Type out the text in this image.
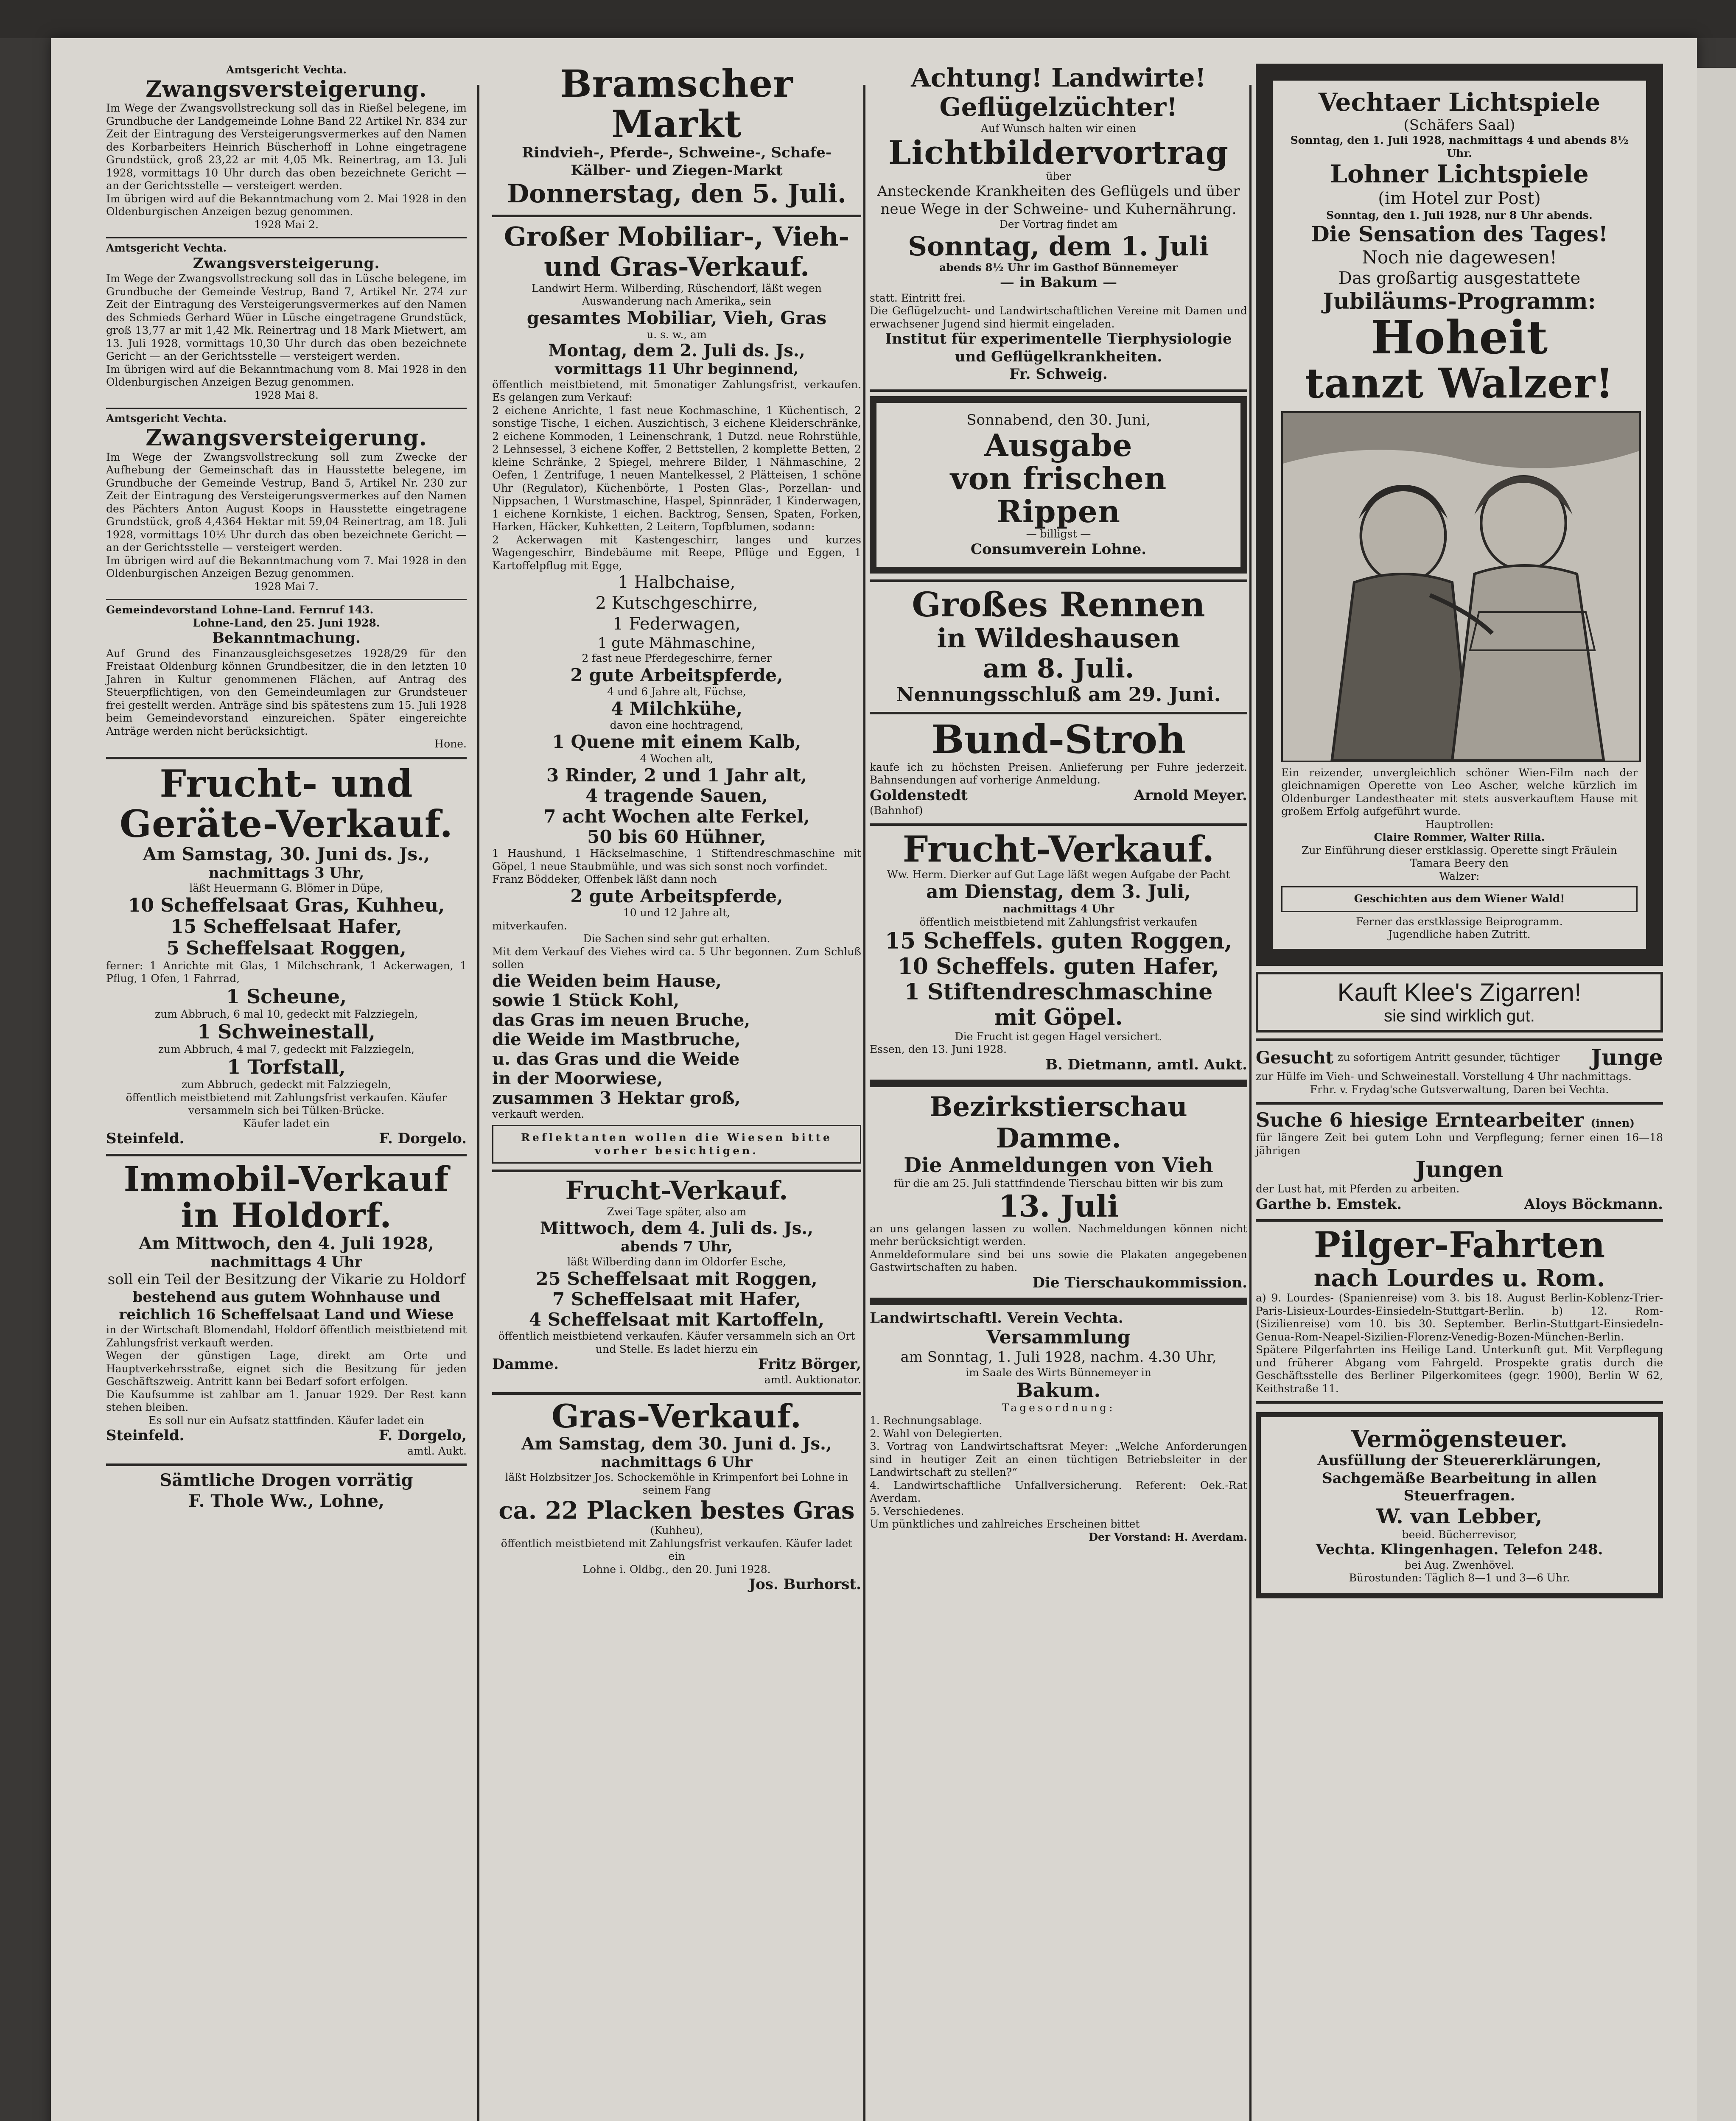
Amtsgericht Vechta.

Zwangsversteigerung.

Im Wege der Zwangsvollstreckung soll das in Rießel belegene, im Grundbuche der Landgemeinde Lohne Band 22 Artikel Nr. 834 zur Zeit der Eintragung des Versteigerungsvermerkes auf den Namen des Korbarbeiters Heinrich Büscherhoff in Lohne eingetragene Grundstück, groß 23,22 ar mit 4,05 Mk. Reinertrag, am 13. Juli 1928, vormittags 10 Uhr durch das oben bezeichnete Gericht — an der Gerichtsstelle — versteigert werden.

Im übrigen wird auf die Bekanntmachung vom 2. Mai 1928 in den Oldenburgischen Anzeigen bezug genommen.

1928 Mai 2.

Amtsgericht Vechta.

Zwangsversteigerung.

Im Wege der Zwangsvollstreckung soll das in Lüsche belegene, im Grundbuche der Gemeinde Vestrup, Band 7, Artikel Nr. 274 zur Zeit der Eintragung des Versteigerungsvermerkes auf den Namen des Schmieds Gerhard Wüer in Lüsche eingetragene Grundstück, groß 13,77 ar mit 1,42 Mk. Reinertrag und 18 Mark Mietwert, am 13. Juli 1928, vormittags 10,30 Uhr durch das oben bezeichnete Gericht — an der Gerichtsstelle — versteigert werden.

Im übrigen wird auf die Bekanntmachung vom 8. Mai 1928 in den Oldenburgischen Anzeigen Bezug genommen.

1928 Mai 8.

Amtsgericht Vechta.

Zwangsversteigerung.

Im Wege der Zwangsvollstreckung soll zum Zwecke der Aufhebung der Gemeinschaft das in Hausstette belegene, im Grundbuche der Gemeinde Vestrup, Band 5, Artikel Nr. 230 zur Zeit der Eintragung des Versteigerungsvermerkes auf den Namen des Pächters Anton August Koops in Hausstette eingetragene Grundstück, groß 4,4364 Hektar mit 59,04 Reinertrag, am 18. Juli 1928, vormittags 10½ Uhr durch das oben bezeichnete Gericht — an der Gerichtsstelle — versteigert werden.

Im übrigen wird auf die Bekanntmachung vom 7. Mai 1928 in den Oldenburgischen Anzeigen Bezug genommen.

1928 Mai 7.

Gemeindevorstand Lohne-Land. Fernruf 143.

Lohne-Land, den 25. Juni 1928.

Bekanntmachung.

Auf Grund des Finanzausgleichsgesetzes 1928/29 für den Freistaat Oldenburg können Grundbesitzer, die in den letzten 10 Jahren in Kultur genommenen Flächen, auf Antrag des Steuerpflichtigen, von den Gemeindeumlagen zur Grundsteuer frei gestellt werden. Anträge sind bis spätestens zum 15. Juli 1928 beim Gemeindevorstand einzureichen. Später eingereichte Anträge werden nicht berücksichtigt.

Hone.

Frucht- und

Geräte-Verkauf.

Am Samstag, 30. Juni ds. Js.,

nachmittags 3 Uhr,

läßt Heuermann G. Blömer in Düpe,

10 Scheffelsaat Gras, Kuhheu,

15 Scheffelsaat Hafer,

5 Scheffelsaat Roggen,

ferner: 1 Anrichte mit Glas, 1 Milchschrank, 1 Ackerwagen, 1 Pflug, 1 Ofen, 1 Fahrrad,

1 Scheune,

zum Abbruch, 6 mal 10, gedeckt mit Falzziegeln,

1 Schweinestall,

zum Abbruch, 4 mal 7, gedeckt mit Falzziegeln,

1 Torfstall,

zum Abbruch, gedeckt mit Falzziegeln,

öffentlich meistbietend mit Zahlungsfrist verkaufen. Käufer versammeln sich bei Tülken-Brücke.

Käufer ladet ein

Steinfeld.	F. Dorgelo.

Immobil-Verkauf

in Holdorf.

Am Mittwoch, den 4. Juli 1928,

nachmittags 4 Uhr

soll ein Teil der Besitzung der Vikarie zu Holdorf

bestehend aus gutem Wohnhause und reichlich 16 Scheffelsaat Land und Wiese

in der Wirtschaft Blomendahl, Holdorf öffentlich meistbietend mit Zahlungsfrist verkauft werden.

Wegen der günstigen Lage, direkt am Orte und Hauptverkehrsstraße, eignet sich die Besitzung für jeden Geschäftszweig. Antritt kann bei Bedarf sofort erfolgen.

Die Kaufsumme ist zahlbar am 1. Januar 1929. Der Rest kann stehen bleiben.

Es soll nur ein Aufsatz stattfinden. Käufer ladet ein

Steinfeld.	F. Dorgelo,

amtl. Aukt.

Sämtliche Drogen vorrätig

F. Thole Ww., Lohne,

Bramscher Markt

Rindvieh-, Pferde-, Schweine-, Schafe- Kälber- und Ziegen-Markt

Donnerstag, den 5. Juli.

Großer Mobiliar-, Vieh-

und Gras-Verkauf.

Landwirt Herm. Wilberding, Rüschendorf, läßt wegen Auswanderung nach Amerika„ sein

gesamtes Mobiliar, Vieh, Gras

u. s. w., am

Montag, dem 2. Juli ds. Js.,

vormittags 11 Uhr beginnend,

öffentlich meistbietend, mit 5monatiger Zahlungsfrist, verkaufen. Es gelangen zum Verkauf:

2 eichene Anrichte, 1 fast neue Kochmaschine, 1 Küchentisch, 2 sonstige Tische, 1 eichen. Auszichtisch, 3 eichene Kleiderschränke, 2 eichene Kommoden, 1 Leinenschrank, 1 Dutzd. neue Rohrstühle, 2 Lehnsessel, 3 eichene Koffer, 2 Bettstellen, 2 komplette Betten, 2 kleine Schränke, 2 Spiegel, mehrere Bilder, 1 Nähmaschine, 2 Oefen, 1 Zentrifuge, 1 neuen Mantelkessel, 2 Plätteisen, 1 schöne Uhr (Regulator), Küchenbörte, 1 Posten Glas-, Porzellan- und Nippsachen, 1 Wurstmaschine, Haspel, Spinnräder, 1 Kinderwagen, 1 eichene Kornkiste, 1 eichen. Backtrog, Sensen, Spaten, Forken, Harken, Häcker, Kuhketten, 2 Leitern, Topfblumen, sodann:

2 Ackerwagen mit Kastengeschirr, langes und kurzes Wagengeschirr, Bindebäume mit Reepe, Pflüge und Eggen, 1 Kartoffelpflug mit Egge,

1 Halbchaise,

2 Kutschgeschirre,

1 Federwagen,

1 gute Mähmaschine,

2 fast neue Pferdegeschirre, ferner

2 gute Arbeitspferde,

4 und 6 Jahre alt, Füchse,

4 Milchkühe,

davon eine hochtragend,

1 Quene mit einem Kalb,

4 Wochen alt,

3 Rinder, 2 und 1 Jahr alt,

4 tragende Sauen,

7 acht Wochen alte Ferkel,

50 bis 60 Hühner,

1 Haushund, 1 Häckselmaschine, 1 Stiftendreschmaschine mit Göpel, 1 neue Staubmühle, und was sich sonst noch vorfindet.

Franz Böddeker, Offenbek läßt dann noch

2 gute Arbeitspferde,

10 und 12 Jahre alt,

mitverkaufen.

Die Sachen sind sehr gut erhalten.

Mit dem Verkauf des Viehes wird ca. 5 Uhr begonnen. Zum Schluß sollen

die Weiden beim Hause,

sowie 1 Stück Kohl,

das Gras im neuen Bruche,

die Weide im Mastbruche,

u. das Gras und die Weide

in der Moorwiese,

zusammen 3 Hektar groß,

verkauft werden.

Reflektanten wollen die Wiesen bitte vorher besichtigen.

Frucht-Verkauf.

Zwei Tage später, also am

Mittwoch, dem 4. Juli ds. Js.,

abends 7 Uhr,

läßt Wilberding dann im Oldorfer Esche,

25 Scheffelsaat mit Roggen,

7 Scheffelsaat mit Hafer,

4 Scheffelsaat mit Kartoffeln,

öffentlich meistbietend verkaufen. Käufer versammeln sich an Ort und Stelle. Es ladet hierzu ein

Damme.	Fritz Börger,

amtl. Auktionator.

Gras-Verkauf.

Am Samstag, dem 30. Juni d. Js.,

nachmittags 6 Uhr

läßt Holzbsitzer Jos. Schockemöhle in Krimpenfort bei Lohne in seinem Fang

ca. 22 Placken bestes Gras

(Kuhheu),

öffentlich meistbietend mit Zahlungsfrist verkaufen. Käufer ladet ein

Lohne i. Oldbg., den 20. Juni 1928.

Jos. Burhorst.

Achtung! Landwirte!

Geflügelzüchter!

Auf Wunsch halten wir einen

Lichtbildervortrag

über

Ansteckende Krankheiten des Geflügels und über neue Wege in der Schweine- und Kuhernährung.

Der Vortrag findet am

Sonntag, dem 1. Juli

abends 8½ Uhr im Gasthof Bünnemeyer

— in Bakum —

statt. Eintritt frei.

Die Geflügelzucht- und Landwirtschaftlichen Vereine mit Damen und erwachsener Jugend sind hiermit eingeladen.

Institut für experimentelle Tierphysiologie und Geflügelkrankheiten.

Fr. Schweig.

Sonnabend, den 30. Juni,

Ausgabe

von frischen Rippen

— billigst —

Consumverein Lohne.

Großes Rennen

in Wildeshausen

am 8. Juli.

Nennungsschluß am 29. Juni.

Bund-Stroh

kaufe ich zu höchsten Preisen. Anlieferung per Fuhre jederzeit. Bahnsendungen auf vorherige Anmeldung.

Goldenstedt	Arnold Meyer.

(Bahnhof)

Frucht-Verkauf.

Ww. Herm. Dierker auf Gut Lage läßt wegen Aufgabe der Pacht

am Dienstag, dem 3. Juli,

nachmittags 4 Uhr

öffentlich meistbietend mit Zahlungsfrist verkaufen

15 Scheffels. guten Roggen,

10 Scheffels. guten Hafer,

1 Stiftendreschmaschine

mit Göpel.

Die Frucht ist gegen Hagel versichert.

Essen, den 13. Juni 1928.

B. Dietmann, amtl. Aukt.

Bezirkstierschau Damme.

Die Anmeldungen von Vieh

für die am 25. Juli stattfindende Tierschau bitten wir bis zum

13. Juli

an uns gelangen lassen zu wollen. Nachmeldungen können nicht mehr berücksichtigt werden.

Anmeldeformulare sind bei uns sowie die Plakaten angegebenen Gastwirtschaften zu haben.

Die Tierschaukommission.

Landwirtschaftl. Verein Vechta.

Versammlung

am Sonntag, 1. Juli 1928, nachm. 4.30 Uhr,

im Saale des Wirts Bünnemeyer in

Bakum.

Tagesordnung:

1. Rechnungsablage.

2. Wahl von Delegierten.

3. Vortrag von Landwirtschaftsrat Meyer: „Welche Anforderungen sind in heutiger Zeit an einen tüchtigen Betriebsleiter in der Landwirtschaft zu stellen?“

4. Landwirtschaftliche Unfallversicherung. Referent: Oek.-Rat Averdam.

5. Verschiedenes.

Um pünktliches und zahlreiches Erscheinen bittet

Der Vorstand: H. Averdam.

Vechtaer Lichtspiele

(Schäfers Saal)

Sonntag, den 1. Juli 1928, nachmittags 4 und abends 8½ Uhr.

Lohner Lichtspiele

(im Hotel zur Post)

Sonntag, den 1. Juli 1928, nur 8 Uhr abends.

Die Sensation des Tages!

Noch nie dagewesen!

Das großartig ausgestattete

Jubiläums-Programm:

Hoheit

tanzt Walzer!

Ein reizender, unvergleichlich schöner Wien-Film nach der gleichnamigen Operette von Leo Ascher, welche kürzlich im Oldenburger Landestheater mit stets ausverkauftem Hause mit großem Erfolg aufgeführt wurde.

Hauptrollen:

Claire Rommer, Walter Rilla.

Zur Einführung dieser erstklassig. Operette singt Fräulein Tamara Beery den

Walzer:

Geschichten aus dem Wiener Wald!

Ferner das erstklassige Beiprogramm.

Jugendliche haben Zutritt.

Kauft Klee's Zigarren!

sie sind wirklich gut.

Gesucht zu sofortigem Antritt gesunder, tüchtiger	Junge

zur Hülfe im Vieh- und Schweinestall. Vorstellung 4 Uhr nachmittags.

Frhr. v. Frydag'sche Gutsverwaltung, Daren bei Vechta.

Suche 6 hiesige Erntearbeiter (innen)

für längere Zeit bei gutem Lohn und Verpflegung; ferner einen 16—18 jährigen

Jungen

der Lust hat, mit Pferden zu arbeiten.

Garthe b. Emstek.	Aloys Böckmann.

Pilger-Fahrten

nach Lourdes u. Rom.

a) 9. Lourdes- (Spanienreise) vom 3. bis 18. August Berlin-Koblenz-Trier-Paris-Lisieux-Lourdes-Einsiedeln-Stuttgart-Berlin. b) 12. Rom- (Sizilienreise) vom 10. bis 30. September. Berlin-Stuttgart-Einsiedeln-Genua-Rom-Neapel-Sizilien-Florenz-Venedig-Bozen-München-Berlin. Spätere Pilgerfahrten ins Heilige Land. Unterkunft gut. Mit Verpflegung und früherer Abgang vom Fahrgeld. Prospekte gratis durch die Geschäftsstelle des Berliner Pilgerkomitees (gegr. 1900), Berlin W 62, Keithstraße 11.

Vermögensteuer.

Ausfüllung der Steuererklärungen,

Sachgemäße Bearbeitung in allen

Steuerfragen.

W. van Lebber,

beeid. Bücherrevisor,

Vechta. Klingenhagen. Telefon 248.

bei Aug. Zwenhövel.

Bürostunden: Täglich 8—1 und 3—6 Uhr.
